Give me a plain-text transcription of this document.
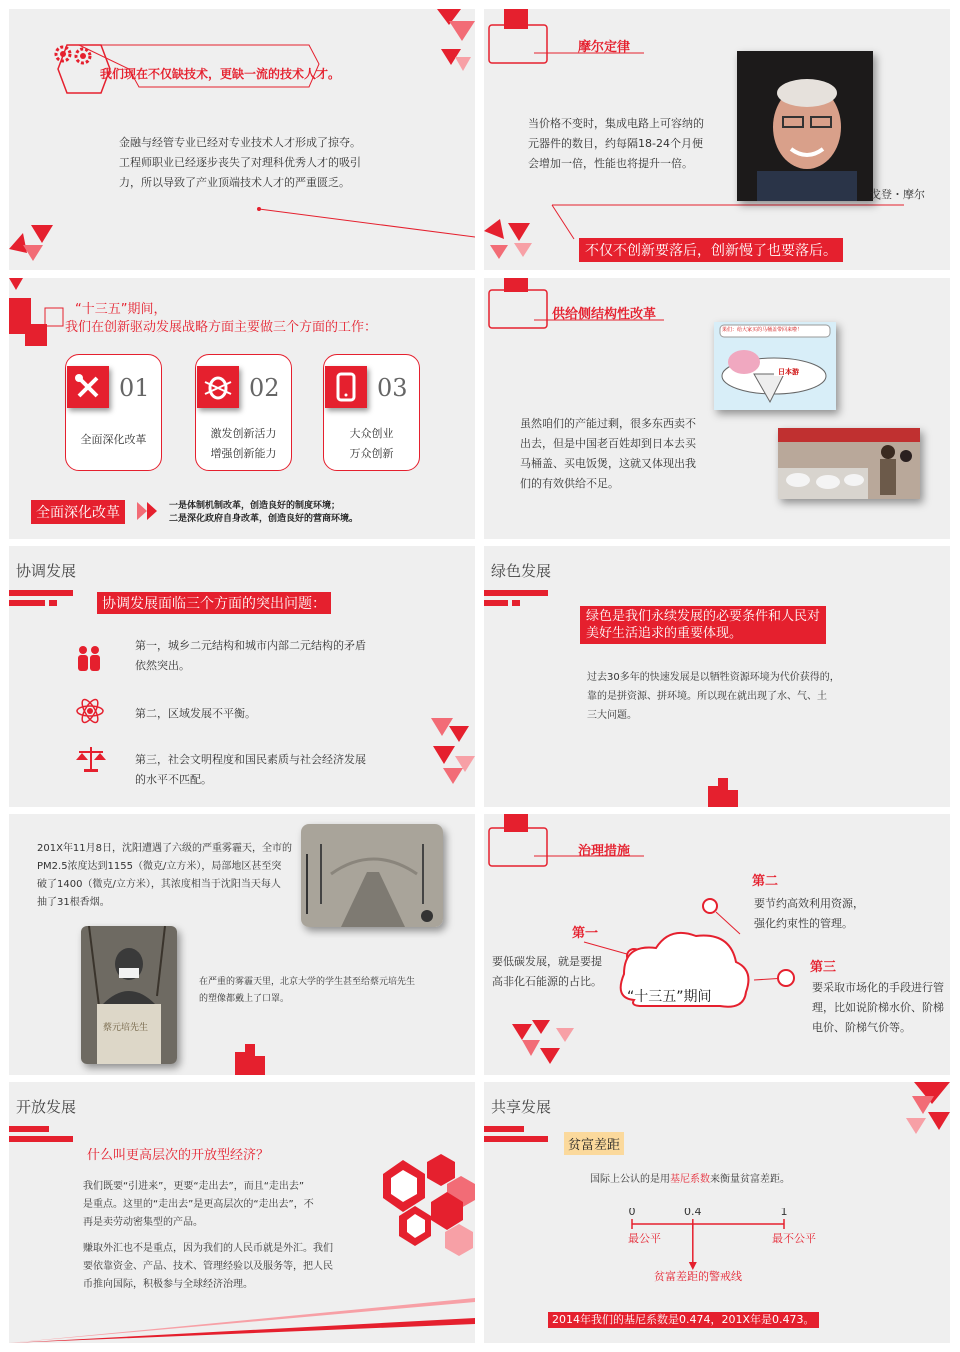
我们现在不仅缺技术，更缺一流的技术人才。
金融与经管专业已经对专业技术人才形成了掠夺。
工程师职业已经逐步丧失了对理科优秀人才的吸引
力，所以导致了产业顶端技术人才的严重匮乏。
摩尔定律
当价格不变时，集成电路上可容纳的
元器件的数目，约每隔18-24个月便
会增加一倍，性能也将提升一倍。
戈登・摩尔
不仅不创新要落后，创新慢了也要落后。
“十三五”期间，
我们在创新驱动发展战略方面主要做三个方面的工作：
01
全面深化改革
02
激发创新活力
增强创新能力
03
大众创业
万众创新
全面深化改革	一是体制机制改革，创造良好的制度环境；
二是深化政府自身改革，创造良好的营商环境。
供给侧结构性改革
果们：给大家买的马桶盖带回来啦！
日本游
虽然咱们的产能过剩，很多东西卖不
出去，但是中国老百姓却到日本去买
马桶盖、买电饭煲，这就又体现出我
们的有效供给不足。
协调发展
协调发展面临三个方面的突出问题：
第一，城乡二元结构和城市内部二元结构的矛盾
依然突出。
第二，区域发展不平衡。
第三，社会文明程度和国民素质与社会经济发展
的水平不匹配。
绿色发展
绿色是我们永续发展的必要条件和人民对
美好生活追求的重要体现。
过去30多年的快速发展是以牺牲资源环境为代价获得的，
靠的是拼资源、拼环境。所以现在就出现了水、气、土
三大问题。
201X年11月8日，沈阳遭遇了六级的严重雾霾天，全市的
PM2.5浓度达到1155（微克/立方米），局部地区甚至突
破了1400（微克/立方米），其浓度相当于沈阳当天每人
抽了31根香烟。
蔡元培先生
在严重的雾霾天里，北京大学的学生甚至给蔡元培先生
的塑像都戴上了口罩。
治理措施
“十三五”期间
第一
要低碳发展，就是要提
高非化石能源的占比。
第二
要节约高效利用资源，
强化约束性的管理。
第三
要采取市场化的手段进行管
理，比如说阶梯水价、阶梯
电价、阶梯气价等。
开放发展
什么叫更高层次的开放型经济？
我们既要“引进来”，更要“走出去”，而且“走出去”
是重点。这里的“走出去”是更高层次的“走出去”，不
再是卖劳动密集型的产品。
赚取外汇也不是重点，因为我们的人民币就是外汇。我们
要依靠资金、产品、技术、管理经验以及服务等，把人民
币推向国际，积极参与全球经济治理。
共享发展
贫富差距
国际上公认的是用基尼系数来衡量贫富差距。
0	0.4	1
最公平	最不公平
贫富差距的警戒线
2014年我们的基尼系数是0.474，201X年是0.473。
